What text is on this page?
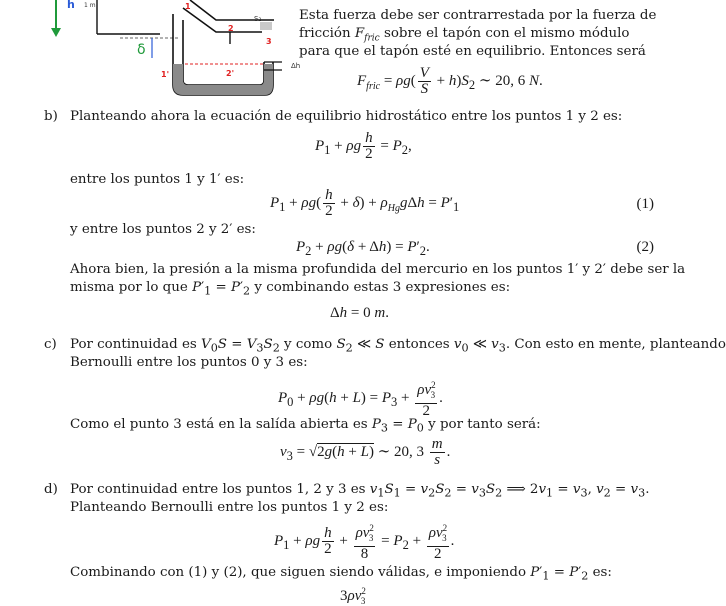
h 1 m
δ
1
2
3
1'	2'
S₂
Δh
Esta fuerza debe ser contrarrestada por la fuerza de
fricción $F_{fric}$ sobre el tapón con el mismo módulo
para que el tapón esté en equilibrio. Entonces será
$F_{fric} = \rho g( \frac{V}{S} + h)S_2$ ∼ 20, 6 N.
b) Planteando ahora la ecuación de equilibrio hidrostático entre los puntos 1 y 2 es:
$P_1 + \rho g \frac{h}{2} = P_2$,
entre los puntos 1 y 1′ es:
$P_1 + \rho g( \frac{h}{2} + \delta) + \rho_{Hg}g\Delta h = P'_1$	(1)
y entre los puntos 2 y 2′ es:
$P_2 + \rho g(\delta + \Delta h) = P'_2$.	(2)
Ahora bien, la presión a la misma profundida del mercurio en los puntos 1′ y 2′ debe ser la
misma por lo que $P'_1 = P'_2$ y combinando estas 3 expresiones es:
Δh = 0 m.
c) Por continuidad es $V_0S = V_3S_2$ y como $S_2$ ≪ S entonces $v_0$ ≪ $v_3$. Con esto en mente, planteando
Bernoulli entre los puntos 0 y 3 es:
$P_0 + \rho g(h + L) = P_3 + \frac{\rho v^2_3}{2}$ .
Como el punto 3 está en la salída abierta es $P_3 = P_0$ y por tanto será:
$v_3 = √2g(h + L)$ ∼ 20, $3 \frac{m}{s}$ .
d) Por continuidad entre los puntos 1, 2 y 3 es $v_1S_1 = v_2S_2 = v_3S_2$ ⟹ $2v_1 = v_3$, $v_2 = v_3$.
Planteando Bernoulli entre los puntos 1 y 2 es:
$P_1 + \rho g \frac{h}{2} + \frac{\rho v^2_3}{8} = P_2 + \frac{\rho v^2_3}{2}$ .
Combinando con (1) y (2), que siguen siendo válidas, e imponiendo $P'_1 = P'_2$ es:
$3\rho v^2_3$
